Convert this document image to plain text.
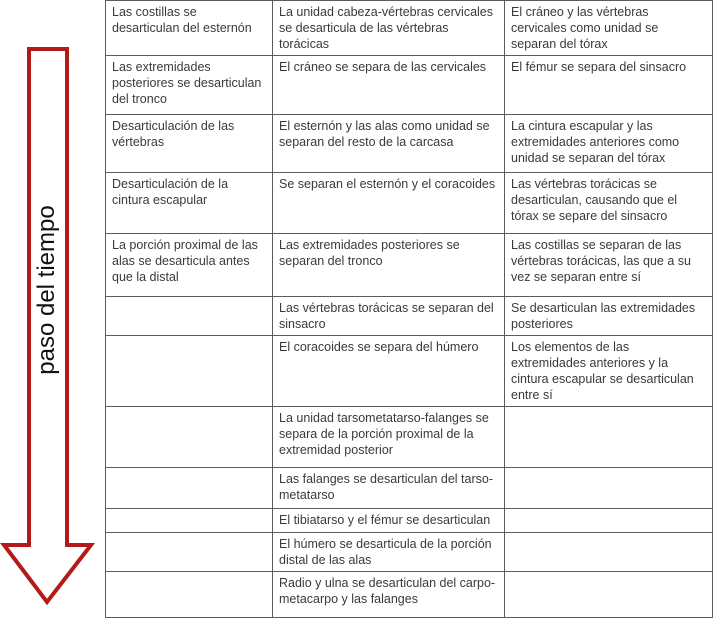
paso del tiempo
Las costillas se desarticulan del esternón	La unidad cabeza-vértebras cervicales se desarticula de las vértebras torácicas	El cráneo y las vértebras cervicales como unidad se separan del tórax
Las extremidades posteriores se desarticulan del tronco	El cráneo se separa de las cervicales	El fémur se separa del sinsacro
Desarticulación de las vértebras	El esternón y las alas como unidad se separan del resto de la carcasa	La cintura escapular y las extremidades anteriores como unidad se separan del tórax
Desarticulación de la cintura escapular	Se separan el esternón y el coracoides	Las vértebras torácicas se desarticulan, causando que el tórax se separe del sinsacro
La porción proximal de las alas se desarticula antes que la distal	Las extremidades posteriores se separan del tronco	Las costillas se separan de las vértebras torácicas, las que a su vez se separan entre sí
	Las vértebras torácicas se separan del sinsacro	Se desarticulan las extremidades posteriores
	El coracoides se separa del húmero	Los elementos de las extremidades anteriores y la cintura escapular se desarticulan entre sí
	La unidad tarsometatarso-falanges se separa de la porción proximal de la extremidad posterior	
	Las falanges se desarticulan del tarso-metatarso	
	El tibiatarso y el fémur se desarticulan	
	El húmero se desarticula de la porción distal de las alas	
	Radio y ulna se desarticulan del carpo-metacarpo y las falanges	
